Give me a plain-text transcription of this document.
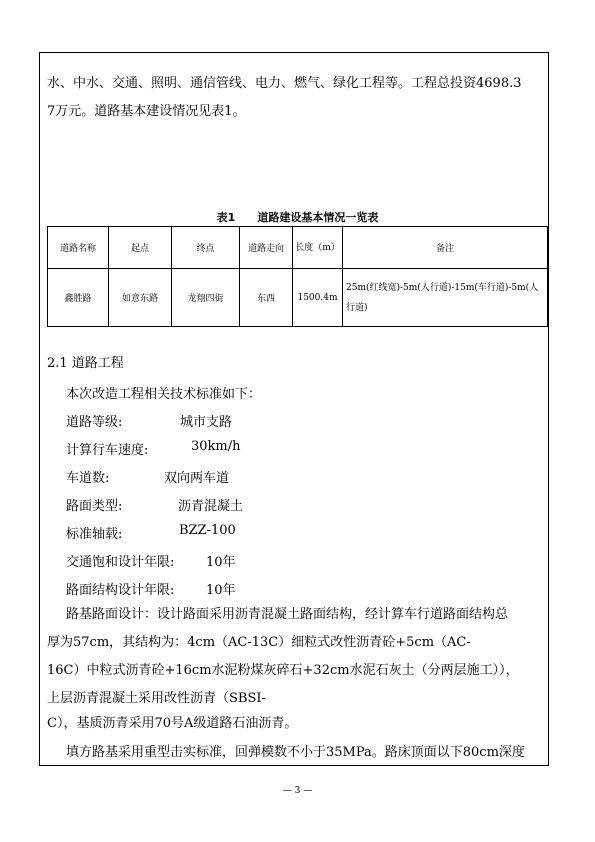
水、中水、交通、照明、通信管线、电力、燃气、绿化工程等。工程总投资4698.3
7万元。道路基本建设情况见表1。
表1　　道路建设基本情况一览表
道路名称	起点	终点	道路走向	长度（m）	备注
鑫胜路	如意东路	龙翔四街	东西	1500.4m	25m(红线宽)-5m(人行道)-15m(车行道)-5m(人行道)
2.1 道路工程
本次改造工程相关技术标准如下：
道路等级:	城市支路
计算行车速度:	30km/h
车道数:	双向两车道
路面类型:	沥青混凝土
标准轴载:	BZZ-100
交通饱和设计年限: 10年
路面结构设计年限: 10年
路基路面设计：设计路面采用沥青混凝土路面结构，经计算车行道路面结构总
厚为57cm，其结构为：4cm（AC-13C）细粒式改性沥青砼+5cm（AC-
16C）中粒式沥青砼+16cm水泥粉煤灰碎石+32cm水泥石灰土（分两层施工）），
上层沥青混凝土采用改性沥青（SBSⅠ-
C），基质沥青采用70号A级道路石油沥青。
填方路基采用重型击实标准，回弹模数不小于35MPa。路床顶面以下80cm深度
— 3 —
